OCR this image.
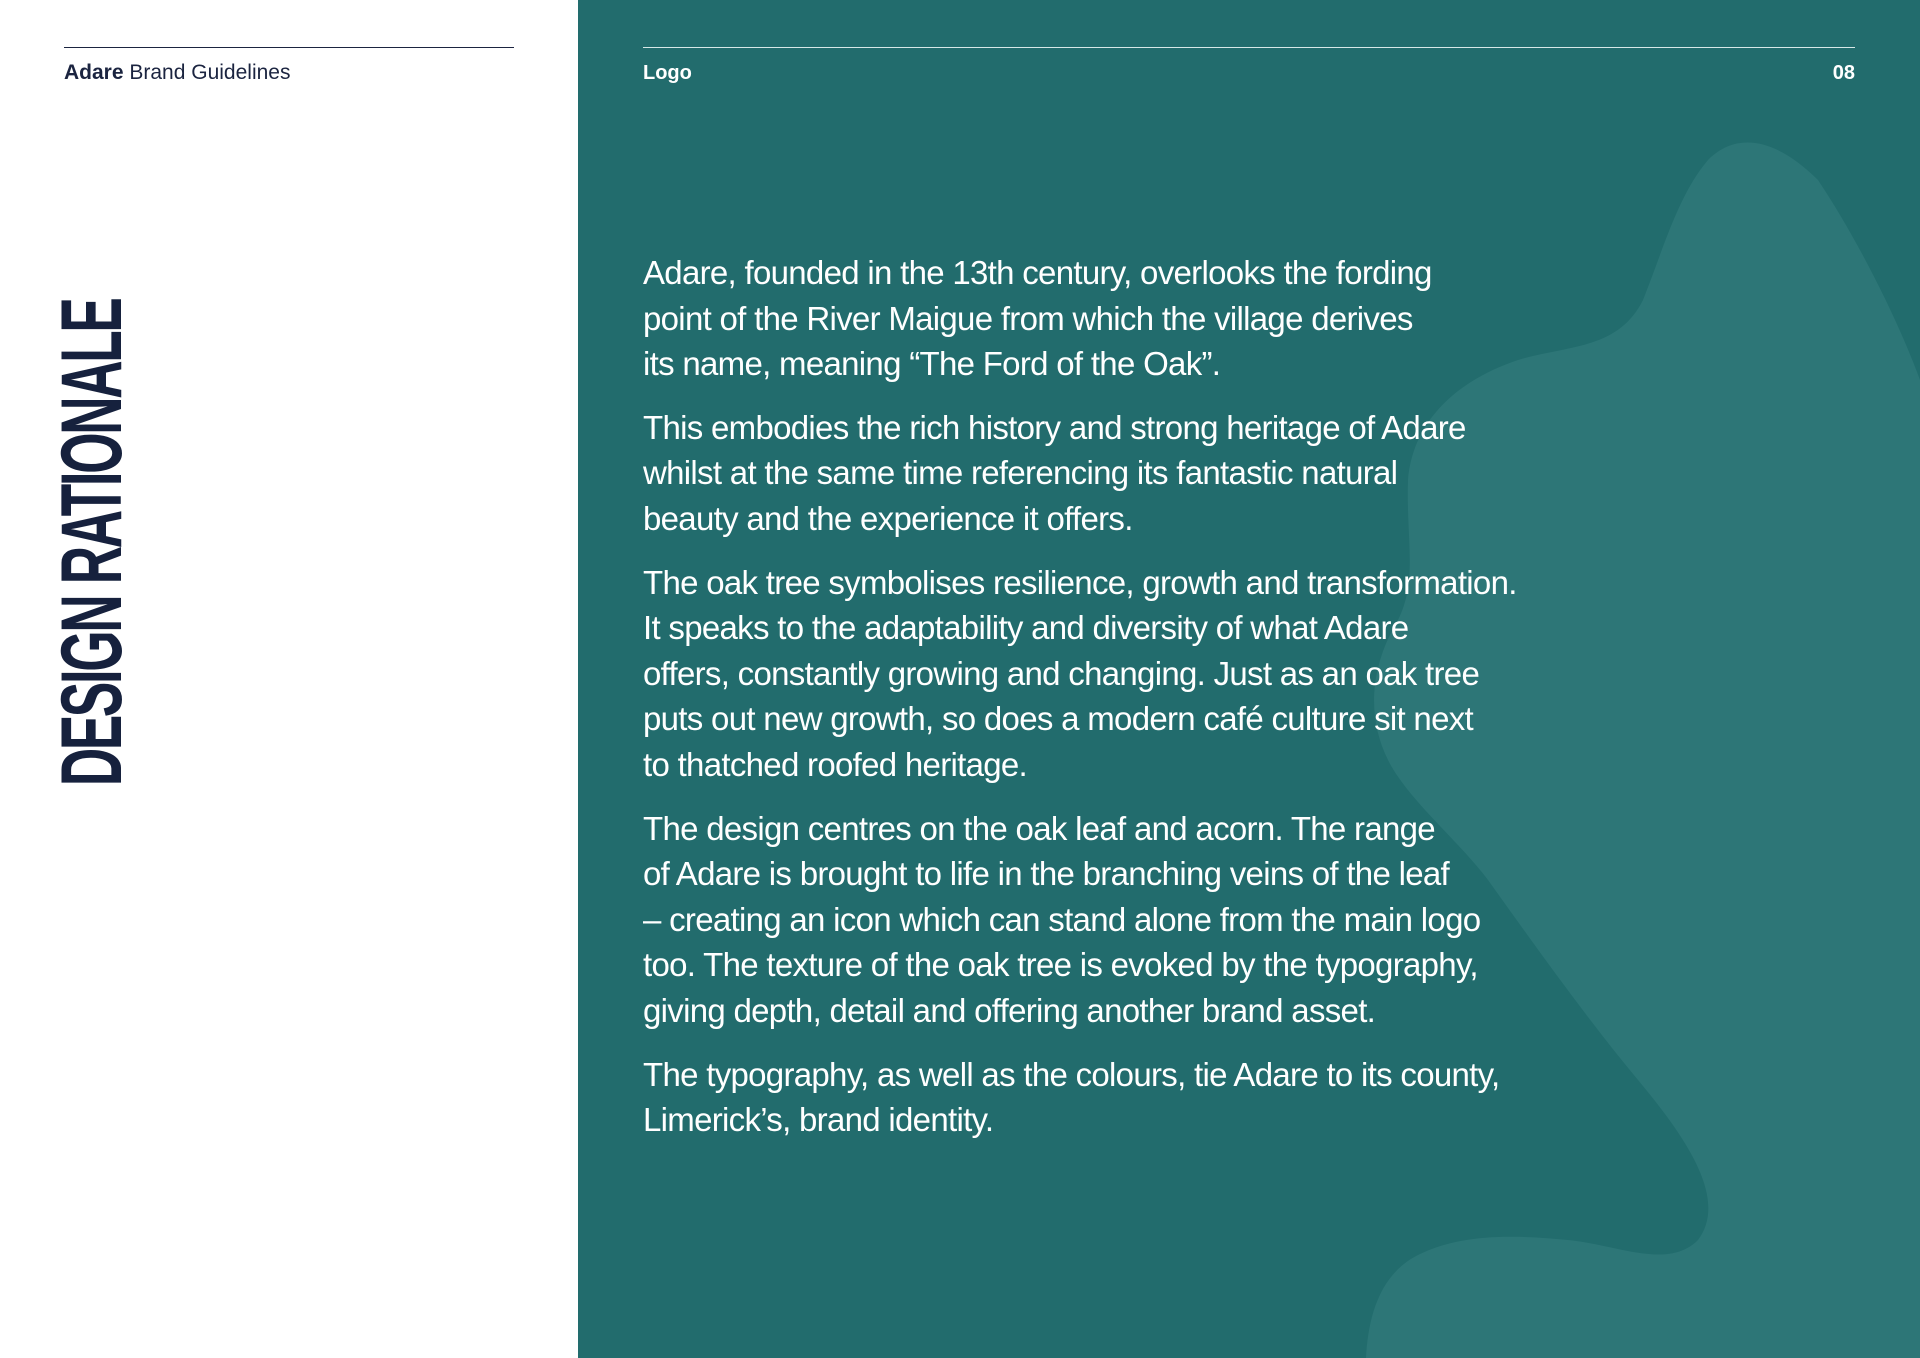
Adare Brand Guidelines
DESIGN RATIONALE
Logo	08

Adare, founded in the 13th century, overlooks the fording
point of the River Maigue from which the village derives
its name, meaning “The Ford of the Oak”.

This embodies the rich history and strong heritage of Adare
whilst at the same time referencing its fantastic natural
beauty and the experience it offers.

The oak tree symbolises resilience, growth and transformation.
It speaks to the adaptability and diversity of what Adare
offers, constantly growing and changing. Just as an oak tree
puts out new growth, so does a modern café culture sit next
to thatched roofed heritage.

The design centres on the oak leaf and acorn. The range
of Adare is brought to life in the branching veins of the leaf
– creating an icon which can stand alone from the main logo
too. The texture of the oak tree is evoked by the typography,
giving depth, detail and offering another brand asset.

The typography, as well as the colours, tie Adare to its county,
Limerick’s, brand identity.
